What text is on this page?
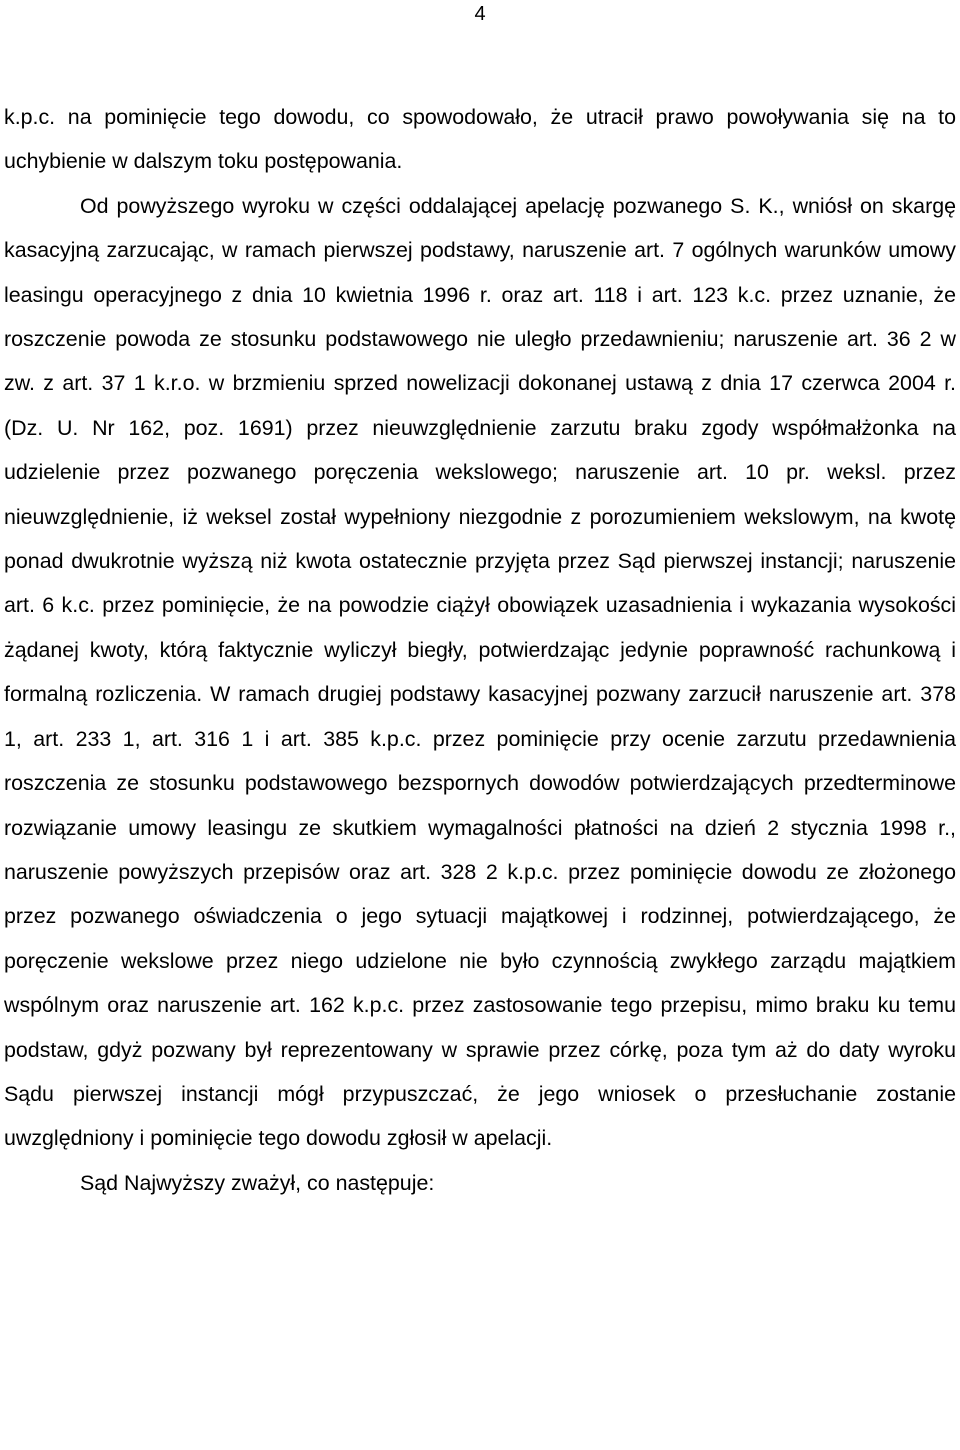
4

k.p.c. na pominięcie tego dowodu, co spowodowało, że utracił prawo powoływania się na to uchybienie w dalszym toku postępowania.

Od powyższego wyroku w części oddalającej apelację pozwanego S. K., wniósł on skargę kasacyjną zarzucając, w ramach pierwszej podstawy, naruszenie art. 7 ogólnych warunków umowy leasingu operacyjnego z dnia 10 kwietnia 1996 r. oraz art. 118 i art. 123 k.c. przez uznanie, że roszczenie powoda ze stosunku podstawowego nie uległo przedawnieniu; naruszenie art. 36 2 w zw. z art. 37 1 k.r.o. w brzmieniu sprzed nowelizacji dokonanej ustawą z dnia 17 czerwca 2004 r. (Dz. U. Nr 162, poz. 1691) przez nieuwzględnienie zarzutu braku zgody współmałżonka na udzielenie przez pozwanego poręczenia wekslowego; naruszenie art. 10 pr. weksl. przez nieuwzględnienie, iż weksel został wypełniony niezgodnie z porozumieniem wekslowym, na kwotę ponad dwukrotnie wyższą niż kwota ostatecznie przyjęta przez Sąd pierwszej instancji; naruszenie art. 6 k.c. przez pominięcie, że na powodzie ciążył obowiązek uzasadnienia i wykazania wysokości żądanej kwoty, którą faktycznie wyliczył biegły, potwierdzając jedynie poprawność rachunkową i formalną rozliczenia. W ramach drugiej podstawy kasacyjnej pozwany zarzucił naruszenie art. 378 1, art. 233 1, art. 316 1 i art. 385 k.p.c. przez pominięcie przy ocenie zarzutu przedawnienia roszczenia ze stosunku podstawowego bezspornych dowodów potwierdzających przedterminowe rozwiązanie umowy leasingu ze skutkiem wymagalności płatności na dzień 2 stycznia 1998 r., naruszenie powyższych przepisów oraz art. 328 2 k.p.c. przez pominięcie dowodu ze złożonego przez pozwanego oświadczenia o jego sytuacji majątkowej i rodzinnej, potwierdzającego, że poręczenie wekslowe przez niego udzielone nie było czynnością zwykłego zarządu majątkiem wspólnym oraz naruszenie art. 162 k.p.c. przez zastosowanie tego przepisu, mimo braku ku temu podstaw, gdyż pozwany był reprezentowany w sprawie przez córkę, poza tym aż do daty wyroku Sądu pierwszej instancji mógł przypuszczać, że jego wniosek o przesłuchanie zostanie uwzględniony i pominięcie tego dowodu zgłosił w apelacji.

Sąd Najwyższy zważył, co następuje:
